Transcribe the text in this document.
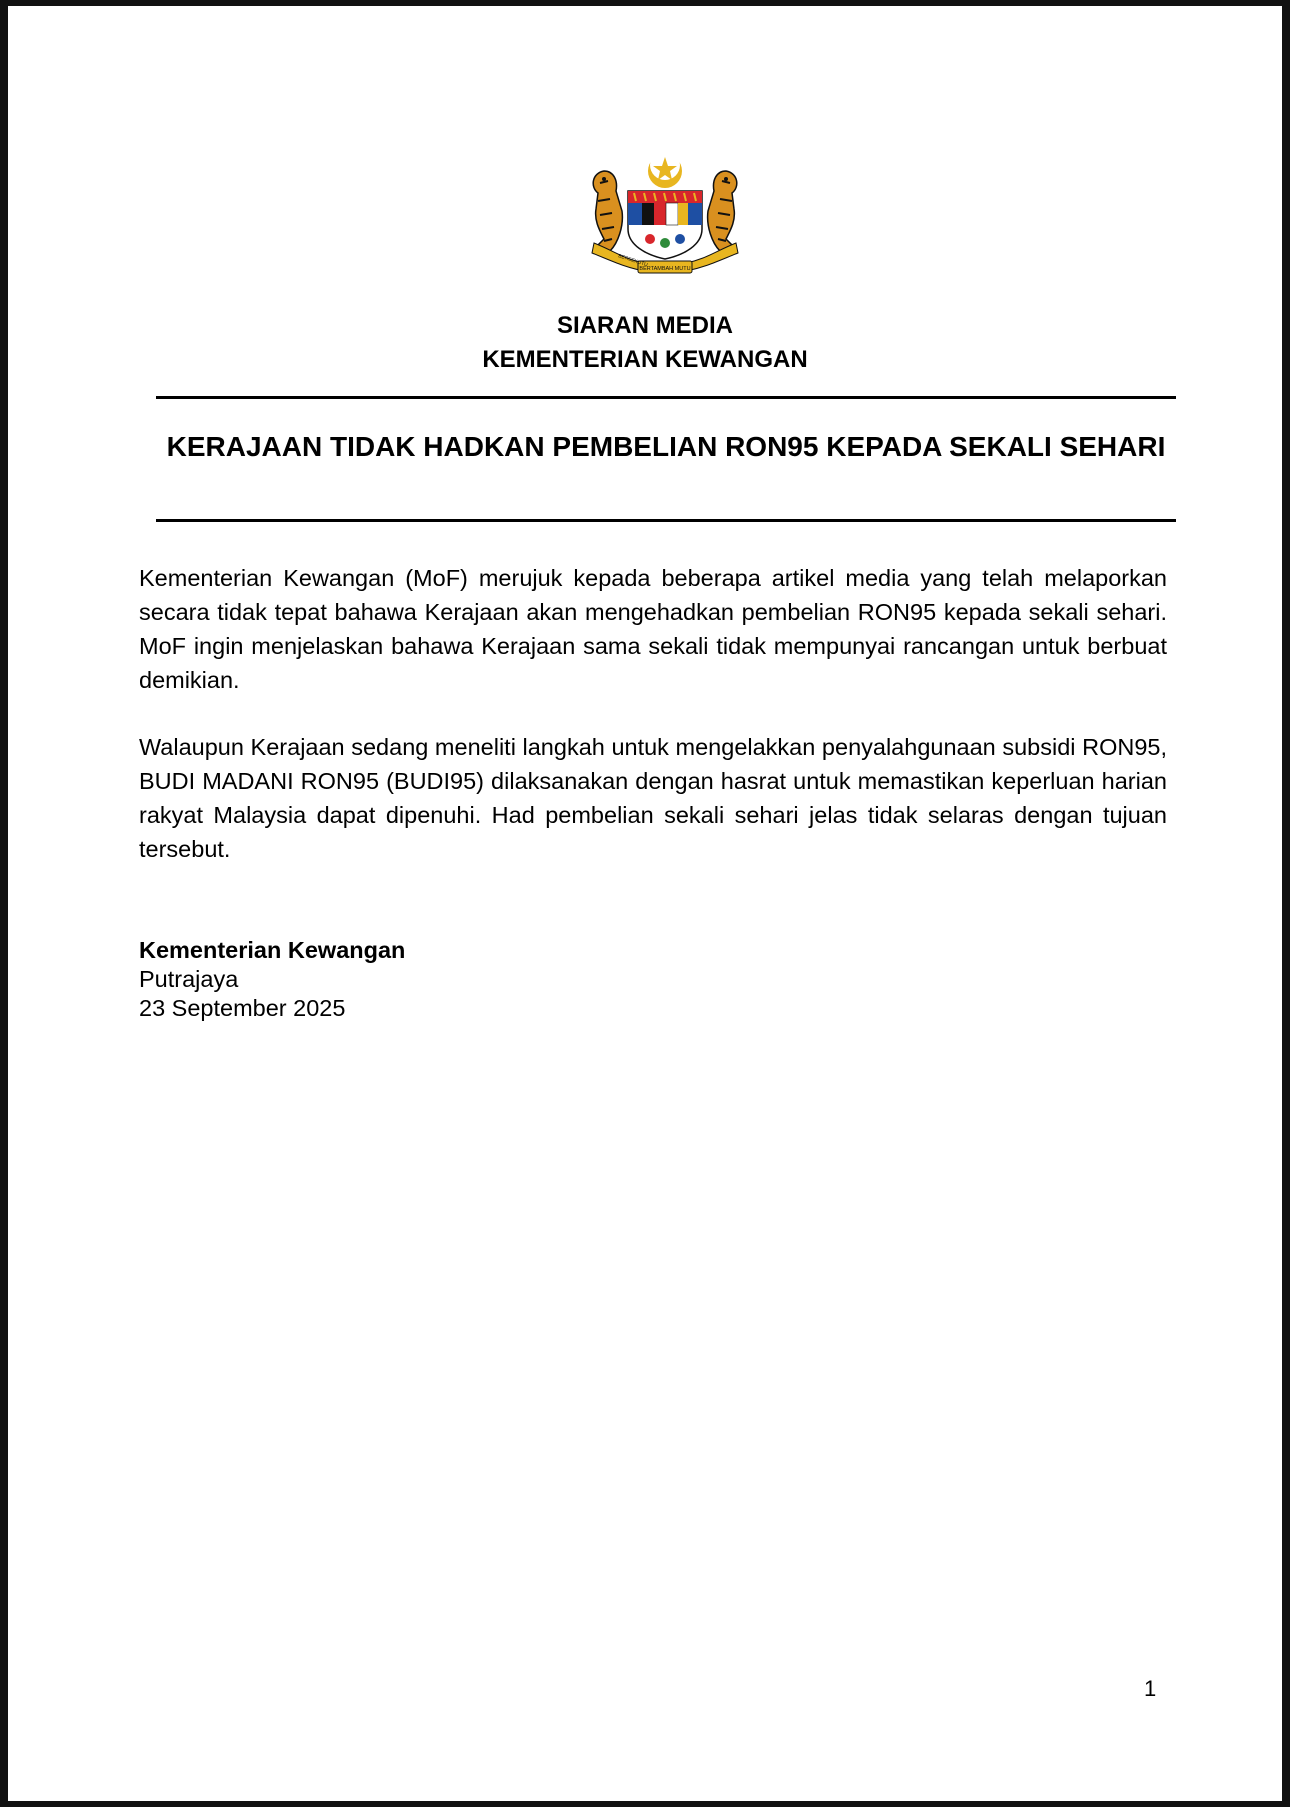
BERSEKUTU
BERTAMBAH MUTU
SIARAN MEDIA
KEMENTERIAN KEWANGAN
KERAJAAN TIDAK HADKAN PEMBELIAN RON95 KEPADA SEKALI SEHARI
Kementerian Kewangan (MoF) merujuk kepada beberapa artikel media yang telah melaporkan secara tidak tepat bahawa Kerajaan akan mengehadkan pembelian RON95 kepada sekali sehari. MoF ingin menjelaskan bahawa Kerajaan sama sekali tidak mempunyai rancangan untuk berbuat demikian.
Walaupun Kerajaan sedang meneliti langkah untuk mengelakkan penyalahgunaan subsidi RON95, BUDI MADANI RON95 (BUDI95) dilaksanakan dengan hasrat untuk memastikan keperluan harian rakyat Malaysia dapat dipenuhi. Had pembelian sekali sehari jelas tidak selaras dengan tujuan tersebut.
Kementerian Kewangan
Putrajaya
23 September 2025
1
